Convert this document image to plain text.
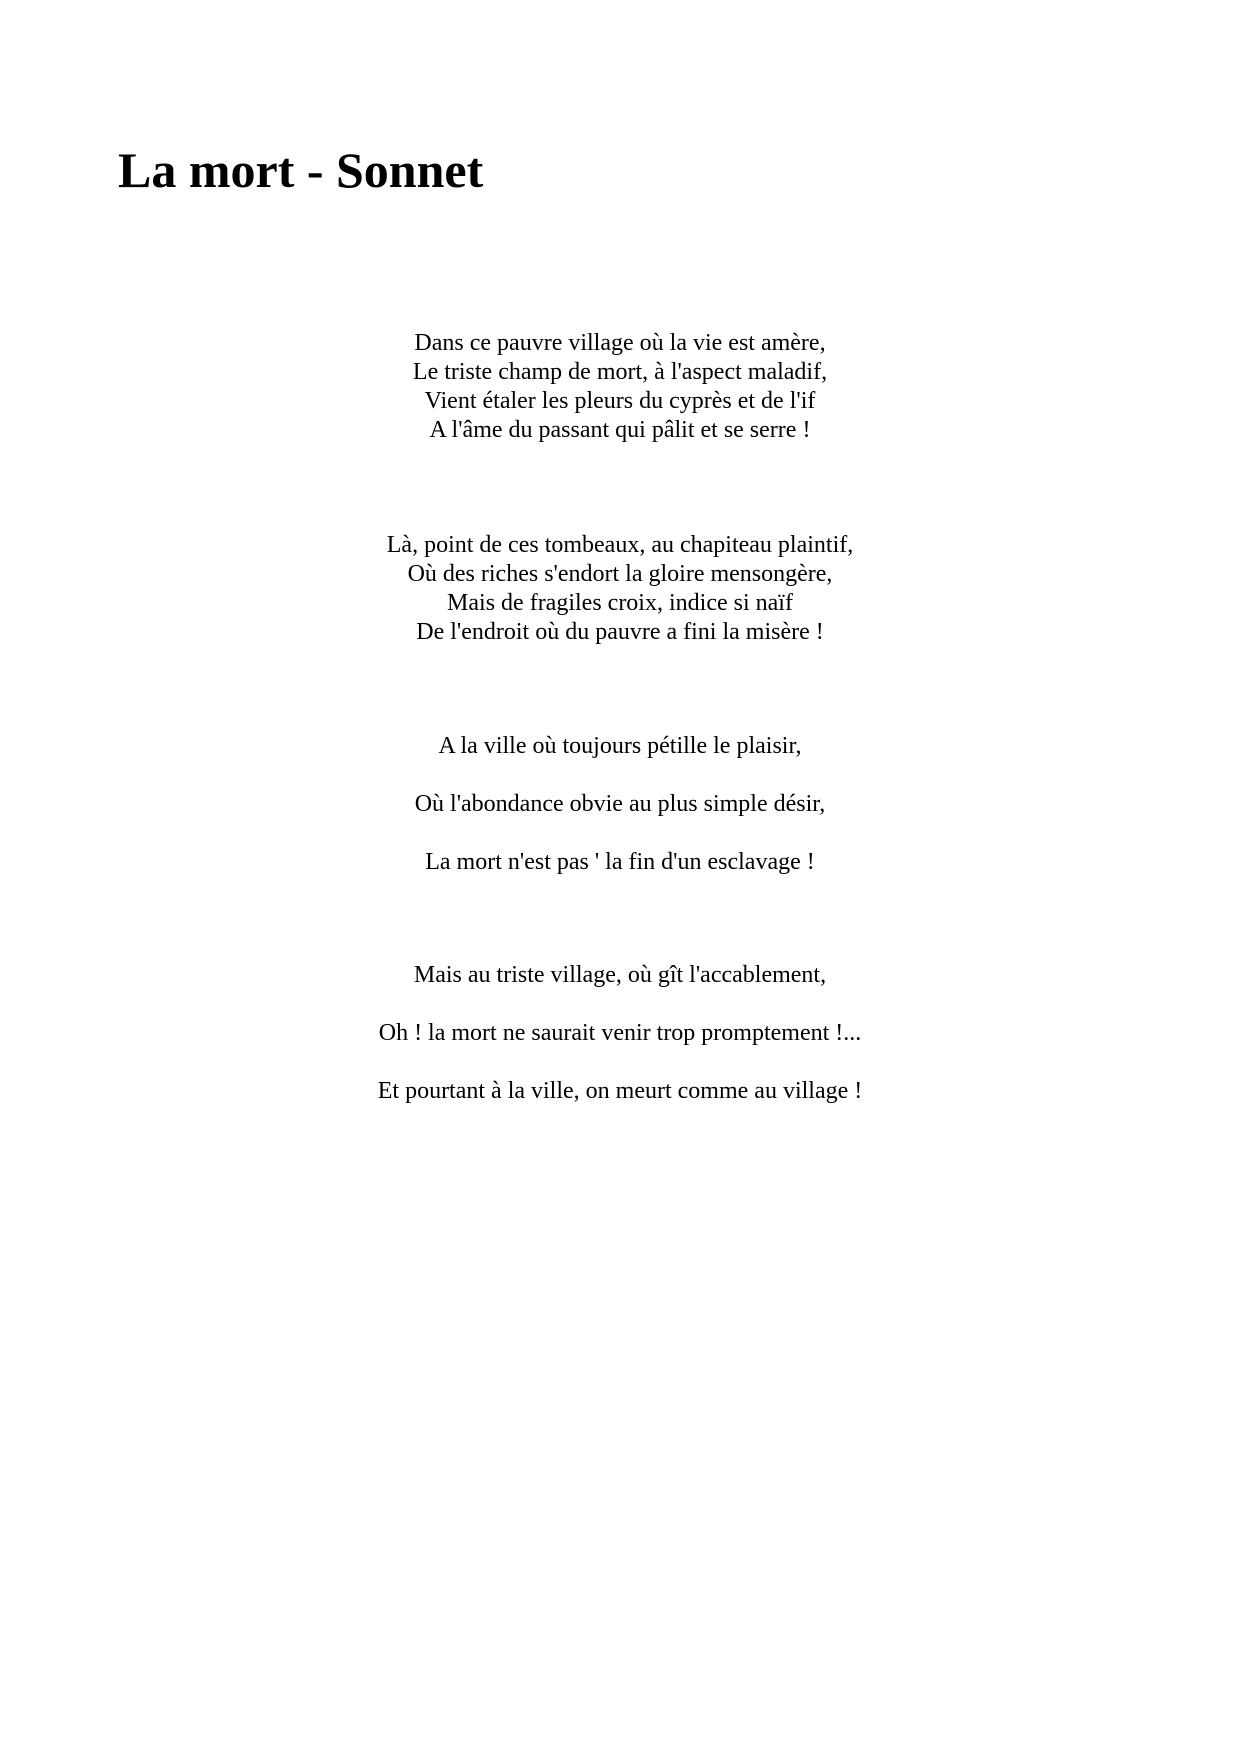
La mort - Sonnet
Dans ce pauvre village où la vie est amère,
Le triste champ de mort, à l'aspect maladif,
Vient étaler les pleurs du cyprès et de l'if
A l'âme du passant qui pâlit et se serre !
Là, point de ces tombeaux, au chapiteau plaintif,
Où des riches s'endort la gloire mensongère,
Mais de fragiles croix, indice si naïf
De l'endroit où du pauvre a fini la misère !
A la ville où toujours pétille le plaisir,
Où l'abondance obvie au plus simple désir,
La mort n'est pas ' la fin d'un esclavage !
Mais au triste village, où gît l'accablement,
Oh ! la mort ne saurait venir trop promptement !...
Et pourtant à la ville, on meurt comme au village !
